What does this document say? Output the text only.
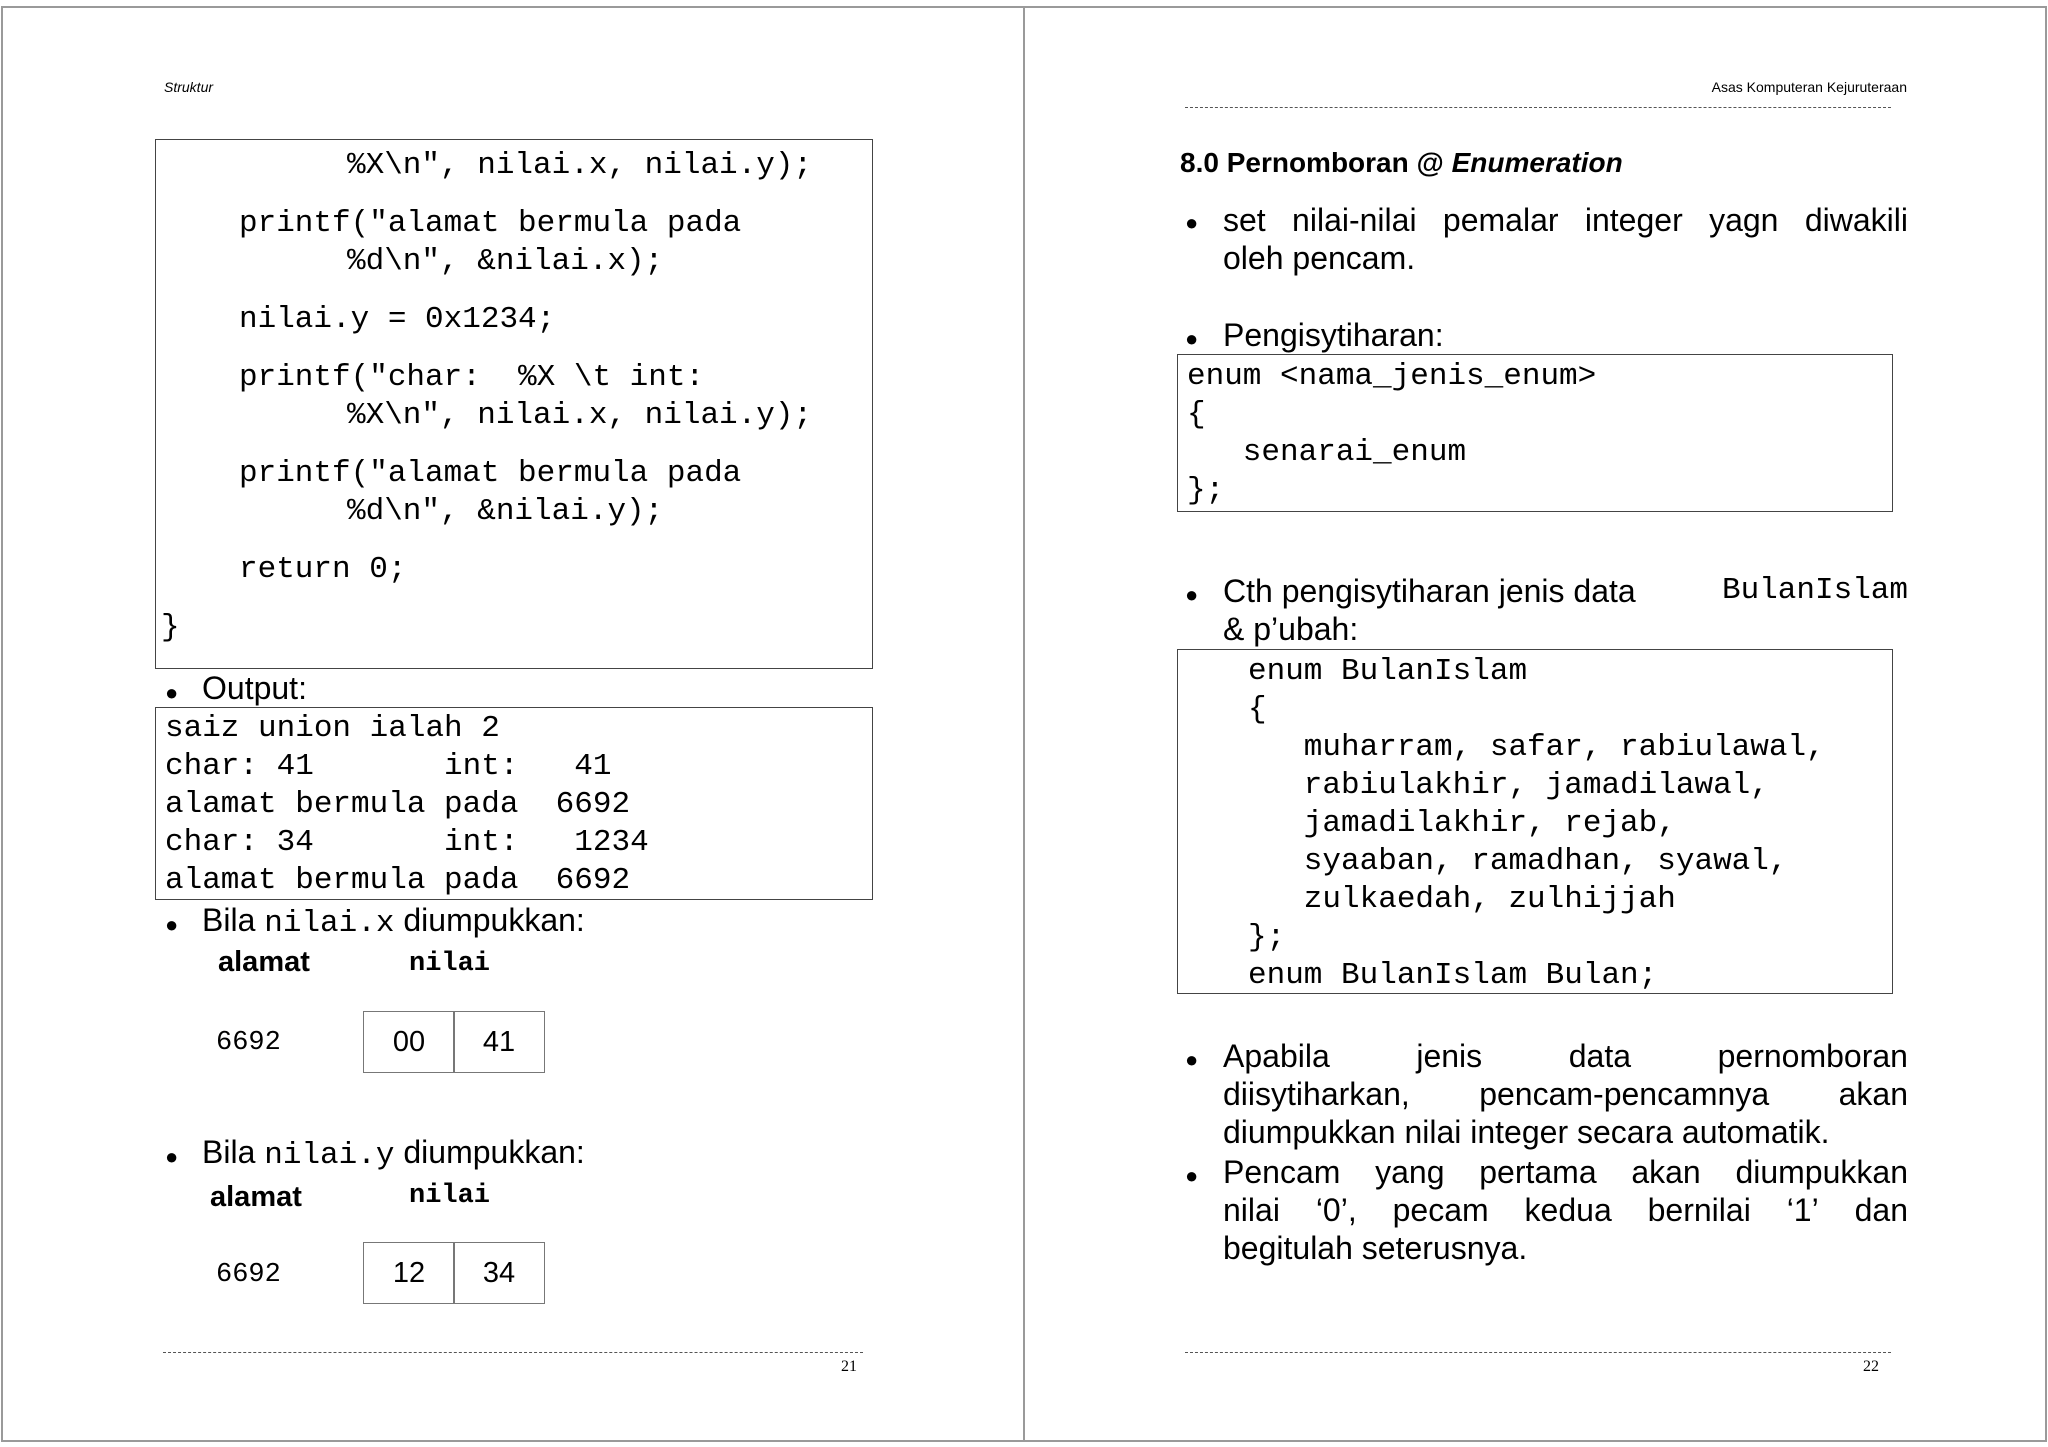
Struktur
%X\n", nilai.x, nilai.y);
printf("alamat bermula pada
%d\n", &nilai.x);
nilai.y = 0x1234;
printf("char:  %X \t int:
%X\n", nilai.x, nilai.y);
printf("alamat bermula pada
%d\n", &nilai.y);
return 0;
}
● Output:
saiz union ialah 2
char: 41       int:   41
alamat bermula pada  6692
char: 34       int:   1234
alamat bermula pada  6692
● Bila nilai.x diumpukkan:
alamat	nilai
6692	00	41
● Bila nilai.y diumpukkan:
alamat	nilai
6692	12	34
21
Asas Komputeran Kejuruteraan
8.0 Pernomboran @ Enumeration
● set nilai-nilai pemalar integer yagn diwakili
oleh pencam.
● Pengisytiharan:
enum <nama_jenis_enum>
{
senarai_enum
};
● Cth pengisytiharan jenis data	BulanIslam
& p’ubah:
enum BulanIslam
{
muharram, safar, rabiulawal,
rabiulakhir, jamadilawal,
jamadilakhir, rejab,
syaaban, ramadhan, syawal,
zulkaedah, zulhijjah
};
enum BulanIslam Bulan;
● Apabila	jenis	data	pernomboran
diisytiharkan, pencam-pencamnya akan
diumpukkan nilai integer secara automatik.
● Pencam yang pertama akan diumpukkan
nilai ‘0’, pecam kedua bernilai ‘1’ dan
begitulah seterusnya.
22
